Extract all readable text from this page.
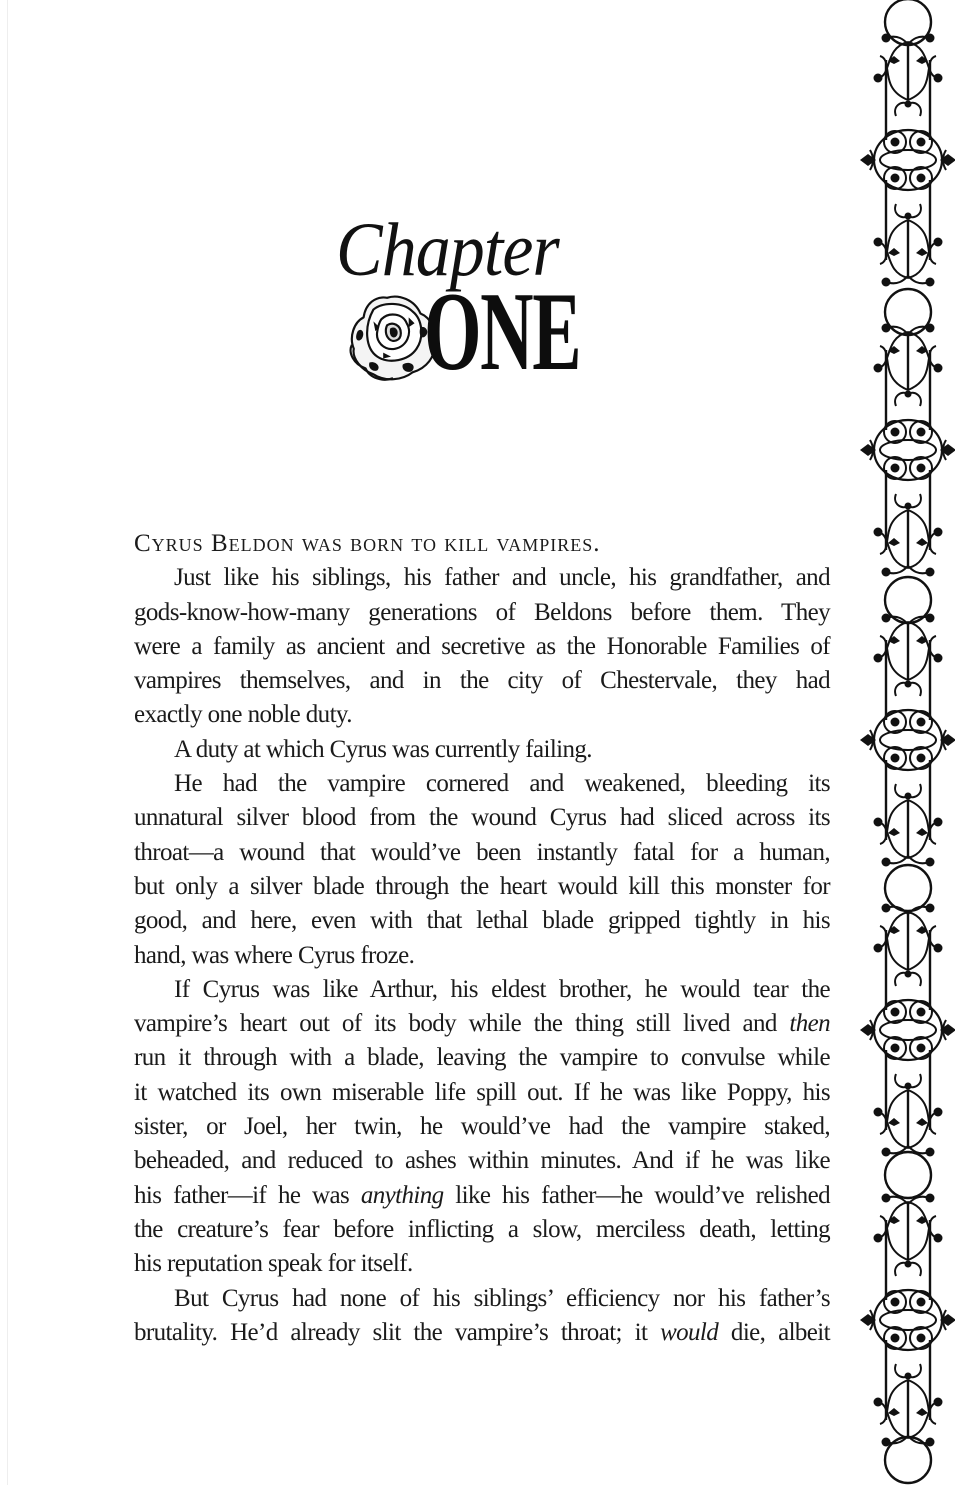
Chapter
ONE
Cyrus Beldon was born to kill vampires.
Just like his siblings, his father and uncle, his grandfather, and
gods-know-how-many generations of Beldons before them. They
were a family as ancient and secretive as the Honorable Families of
vampires themselves, and in the city of Chestervale, they had
exactly one noble duty.
A duty at which Cyrus was currently failing.
He had the vampire cornered and weakened, bleeding its
unnatural silver blood from the wound Cyrus had sliced across its
throat—a wound that would’ve been instantly fatal for a human,
but only a silver blade through the heart would kill this monster for
good, and here, even with that lethal blade gripped tightly in his
hand, was where Cyrus froze.
If Cyrus was like Arthur, his eldest brother, he would tear the
vampire’s heart out of its body while the thing still lived and then
run it through with a blade, leaving the vampire to convulse while
it watched its own miserable life spill out. If he was like Poppy, his
sister, or Joel, her twin, he would’ve had the vampire staked,
beheaded, and reduced to ashes within minutes. And if he was like
his father—if he was anything like his father—he would’ve relished
the creature’s fear before inflicting a slow, merciless death, letting
his reputation speak for itself.
But Cyrus had none of his siblings’ efficiency nor his father’s
brutality. He’d already slit the vampire’s throat; it would die, albeit
